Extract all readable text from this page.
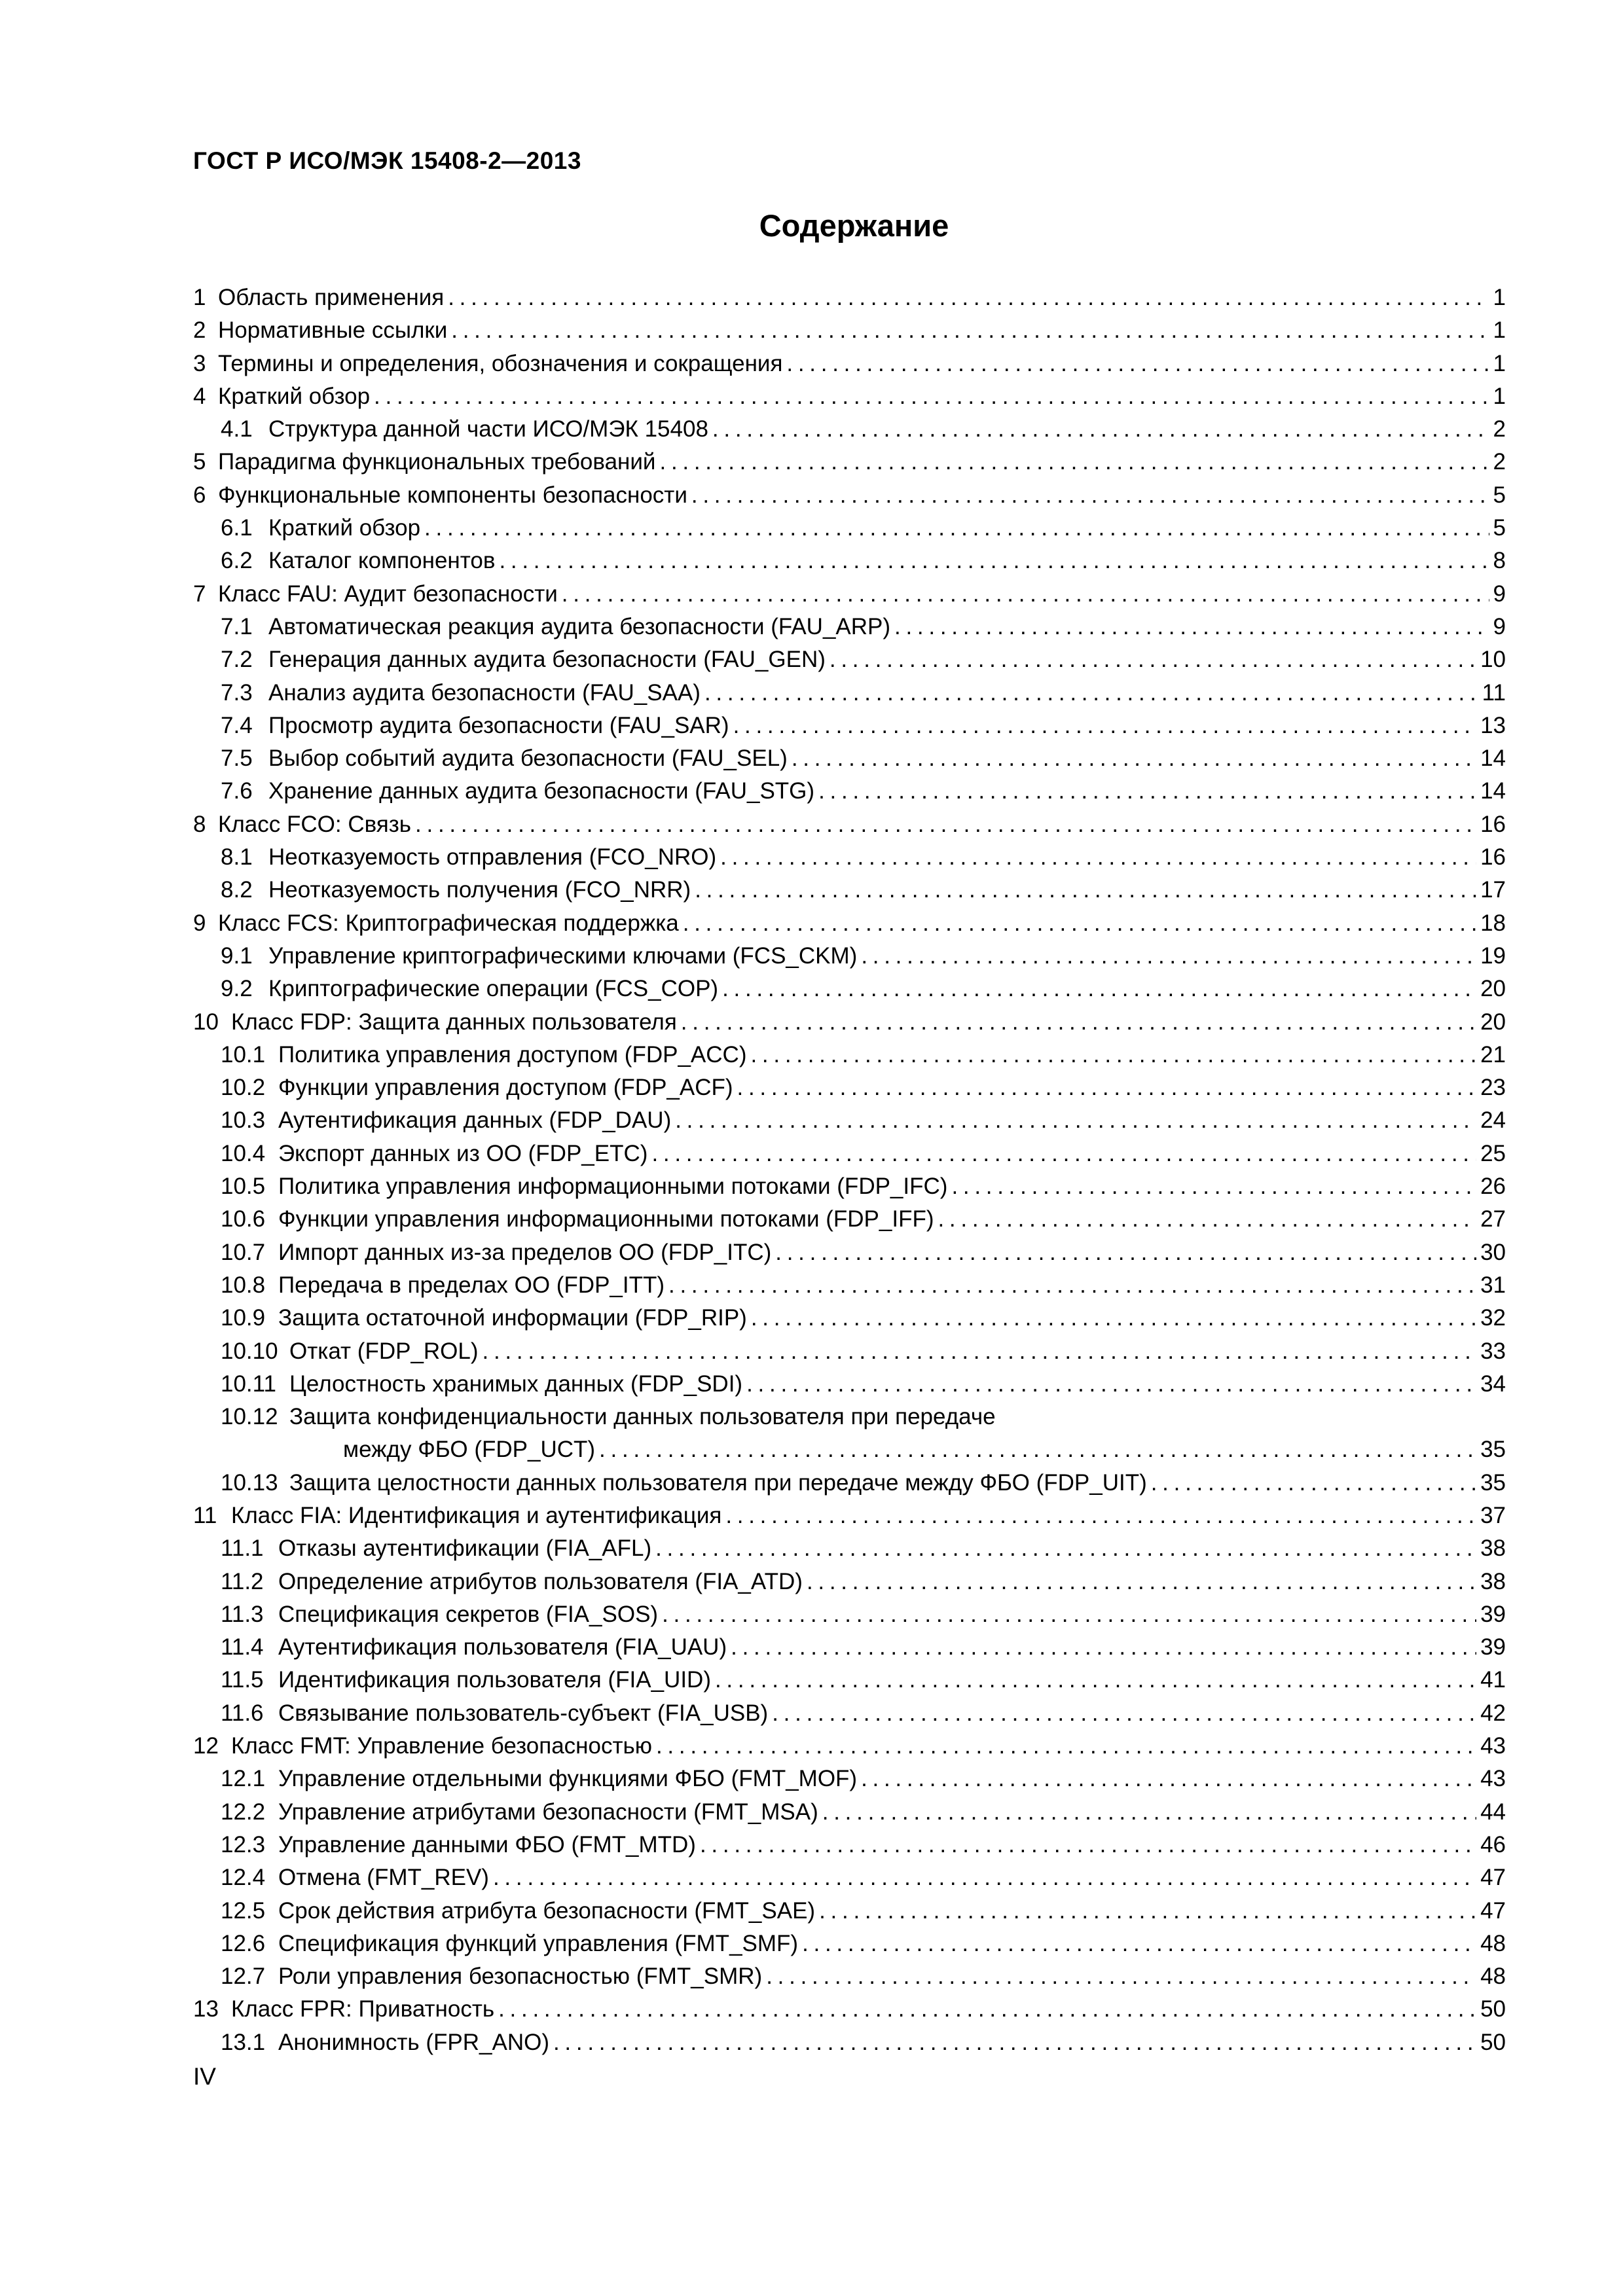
ГОСТ Р ИСО/МЭК 15408-2—2013
Содержание
1 Область применения . . .	1
2 Нормативные ссылки . . .	1
3 Термины и определения, обозначения и сокращения . . .	1
4 Краткий обзор . . .	1
4.1 Структура данной части ИСО/МЭК 15408 . . .	2
5 Парадигма функциональных требований . . .	2
6 Функциональные компоненты безопасности . . .	5
6.1 Краткий обзор . . .	5
6.2 Каталог компонентов . . .	8
7 Класс FAU: Аудит безопасности . . .	9
7.1 Автоматическая реакция аудита безопасности (FAU_ARP) . . .	9
7.2 Генерация данных аудита безопасности (FAU_GEN) . . .	10
7.3 Анализ аудита безопасности (FAU_SAA) . . .	11
7.4 Просмотр аудита безопасности (FAU_SAR) . . .	13
7.5 Выбор событий аудита безопасности (FAU_SEL) . . .	14
7.6 Хранение данных аудита безопасности (FAU_STG) . . .	14
8 Класс FCO: Связь . . .	16
8.1 Неотказуемость отправления (FCO_NRO) . . .	16
8.2 Неотказуемость получения (FCO_NRR) . . .	17
9 Класс FCS: Криптографическая поддержка . . .	18
9.1 Управление криптографическими ключами (FCS_CKM) . . .	19
9.2 Криптографические операции (FCS_COP) . . .	20
10 Класс FDP: Защита данных пользователя . . .	20
10.1 Политика управления доступом (FDP_ACC) . . .	21
10.2 Функции управления доступом (FDP_ACF) . . .	23
10.3 Аутентификация данных (FDP_DAU) . . .	24
10.4 Экспорт данных из ОО (FDP_ETC) . . .	25
10.5 Политика управления информационными потоками (FDP_IFC) . . .	26
10.6 Функции управления информационными потоками (FDP_IFF) . . .	27
10.7 Импорт данных из-за пределов ОО (FDP_ITC) . . .	30
10.8 Передача в пределах ОО (FDP_ITT) . . .	31
10.9 Защита остаточной информации (FDP_RIP) . . .	32
10.10 Откат (FDP_ROL) . . .	33
10.11 Целостность хранимых данных (FDP_SDI) . . .	34
10.12 Защита конфиденциальности данных пользователя при передаче
между ФБО (FDP_UCT) . . .	35
10.13 Защита целостности данных пользователя при передаче между ФБО (FDP_UIT) . . .	35
11 Класс FIA: Идентификация и аутентификация . . .	37
11.1 Отказы аутентификации (FIA_AFL) . . .	38
11.2 Определение атрибутов пользователя (FIA_ATD) . . .	38
11.3 Спецификация секретов (FIA_SOS) . . .	39
11.4 Аутентификация пользователя (FIA_UAU) . . .	39
11.5 Идентификация пользователя (FIA_UID) . . .	41
11.6 Связывание пользователь-субъект (FIA_USB) . . .	42
12 Класс FMT: Управление безопасностью . . .	43
12.1 Управление отдельными функциями ФБО (FMT_MOF) . . .	43
12.2 Управление атрибутами безопасности (FMT_MSA) . . .	44
12.3 Управление данными ФБО (FMT_MTD) . . .	46
12.4 Отмена (FMT_REV) . . .	47
12.5 Срок действия атрибута безопасности (FMT_SAE) . . .	47
12.6 Спецификация функций управления (FMT_SMF) . . .	48
12.7 Роли управления безопасностью (FMT_SMR) . . .	48
13 Класс FPR: Приватность . . .	50
13.1 Анонимность (FPR_ANO) . . .	50
IV
